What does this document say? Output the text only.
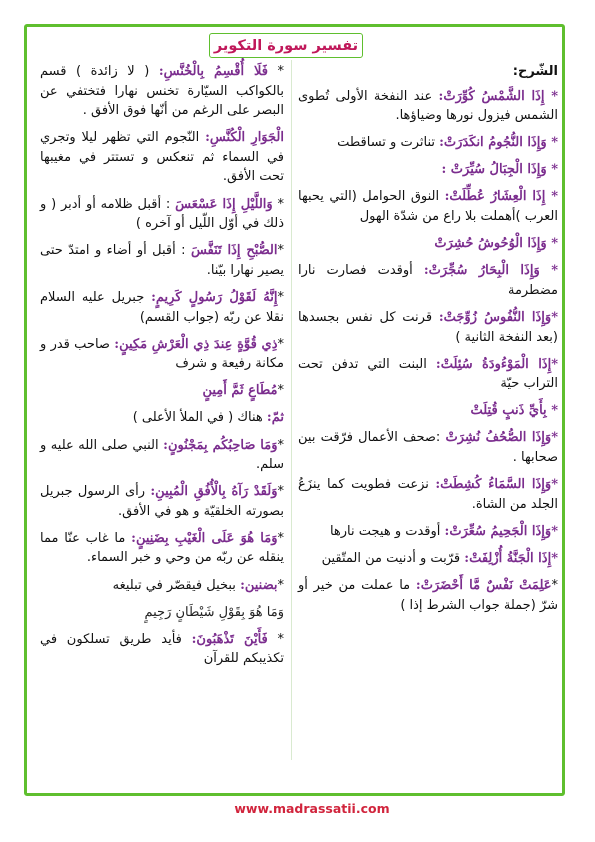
تفسير سورة التكوير
الشّرح:
* إِذَا الشَّمْسُ كُوِّرَتْ: عند النفخة الأولى تُطوى الشمس فيزول نورها وضياؤها.
* وَإِذَا النُّجُومُ انكَدَرَتْ: تناثرت و تساقطت
* وَإِذَا الْجِبَالُ سُيِّرَتْ :
* إِذَا الْعِشَارُ عُطِّلَتْ: النوق الحوامل (التي يحبها العرب )أهملت بلا راع من شدّة الهول
* وَإِذَا الْوُحُوشُ حُشِرَتْ
* وَإِذَا الْبِحَارُ سُجِّرَتْ: أوقدت فصارت نارا مضطرمة
*وَإِذَا النُّفُوسُ زُوِّجَتْ: قرنت كل نفس بجسدها (بعد النفخة الثانية )
*إِذَا الْمَوْءُودَةُ سُئِلَتْ: البنت التي تدفن تحت التراب حيّة
* بِأَيِّ ذَنبٍ قُتِلَتْ
*وَإِذَا الصُّحُفُ نُشِرَتْ :صحف الأعمال فرّقت بين صحابها .
*وَإِذَا السَّمَاءُ كُشِطَتْ: نزعت فطويت كما ينزَعُ الجلد من الشاة.
*وَإِذَا الْجَحِيمُ سُعِّرَتْ: أوقدت و هيجت نارها
*إِذَا الْجَنَّةُ أُزْلِفَتْ: قرّبت و أدنيت من المتّقين
*عَلِمَتْ نَفْسٌ مَّا أَحْضَرَتْ: ما عملت من خير أو شرّ (جملة جواب الشرط إذا )
* فَلَا أُقْسِمُ بِالْخُنَّسِ: ( لا زائدة ) قسم بالكواكب السيّارة تخنس نهارا فتختفي عن البصر على الرغم من أنّها فوق الأفق .
الْجَوَارِ الْكُنَّسِ: النّجوم التي تظهر ليلا وتجري في السماء ثم تنعكس و تستتر في مغيبها تحت الأفق.
* وَاللَّيْلِ إِذَا عَسْعَسَ : أقبل ظلامه أو أدبر ( و ذلك في أوّل اللّيل أو آخره )
*الصُّبْحِ إِذَا تَنَفَّسَ : أقبل أو أضاء و امتدّ حتى يصير نهارا بيّنا.
*إِنَّهُ لَقَوْلُ رَسُولٍ كَرِيمٍ: جبريل عليه السلام نقلا عن ربّه (جواب القسم)
*ذِي قُوَّةٍ عِندَ ذِي الْعَرْشِ مَكِينٍ: صاحب قدر و مكانة رفيعة و شرف
*مُطَاعٍ ثَمَّ أَمِينٍ
ثمّ: هناك ( في الملأ الأعلى )
*وَمَا صَاحِبُكُم بِمَجْنُونٍ: النبي صلى الله عليه و سلم.
*وَلَقَدْ رَآهُ بِالْأُفُقِ الْمُبِينِ: رأى الرسول جبريل بصورته الخلقيّة و هو في الأفق.
*وَمَا هُوَ عَلَى الْغَيْبِ بِضَنِينٍ: ما غاب عنّا مما ينقله عن ربّه من وحي و خبر السماء.
*بضنين: ببخيل فيقصّر في تبليغه
وَمَا هُوَ بِقَوْلِ شَيْطَانٍ رَجِيمٍ
* فَأَيْنَ تَذْهَبُونَ: فأيد طريق تسلكون في تكذيبكم للقرآن
www.madrassatii.com
